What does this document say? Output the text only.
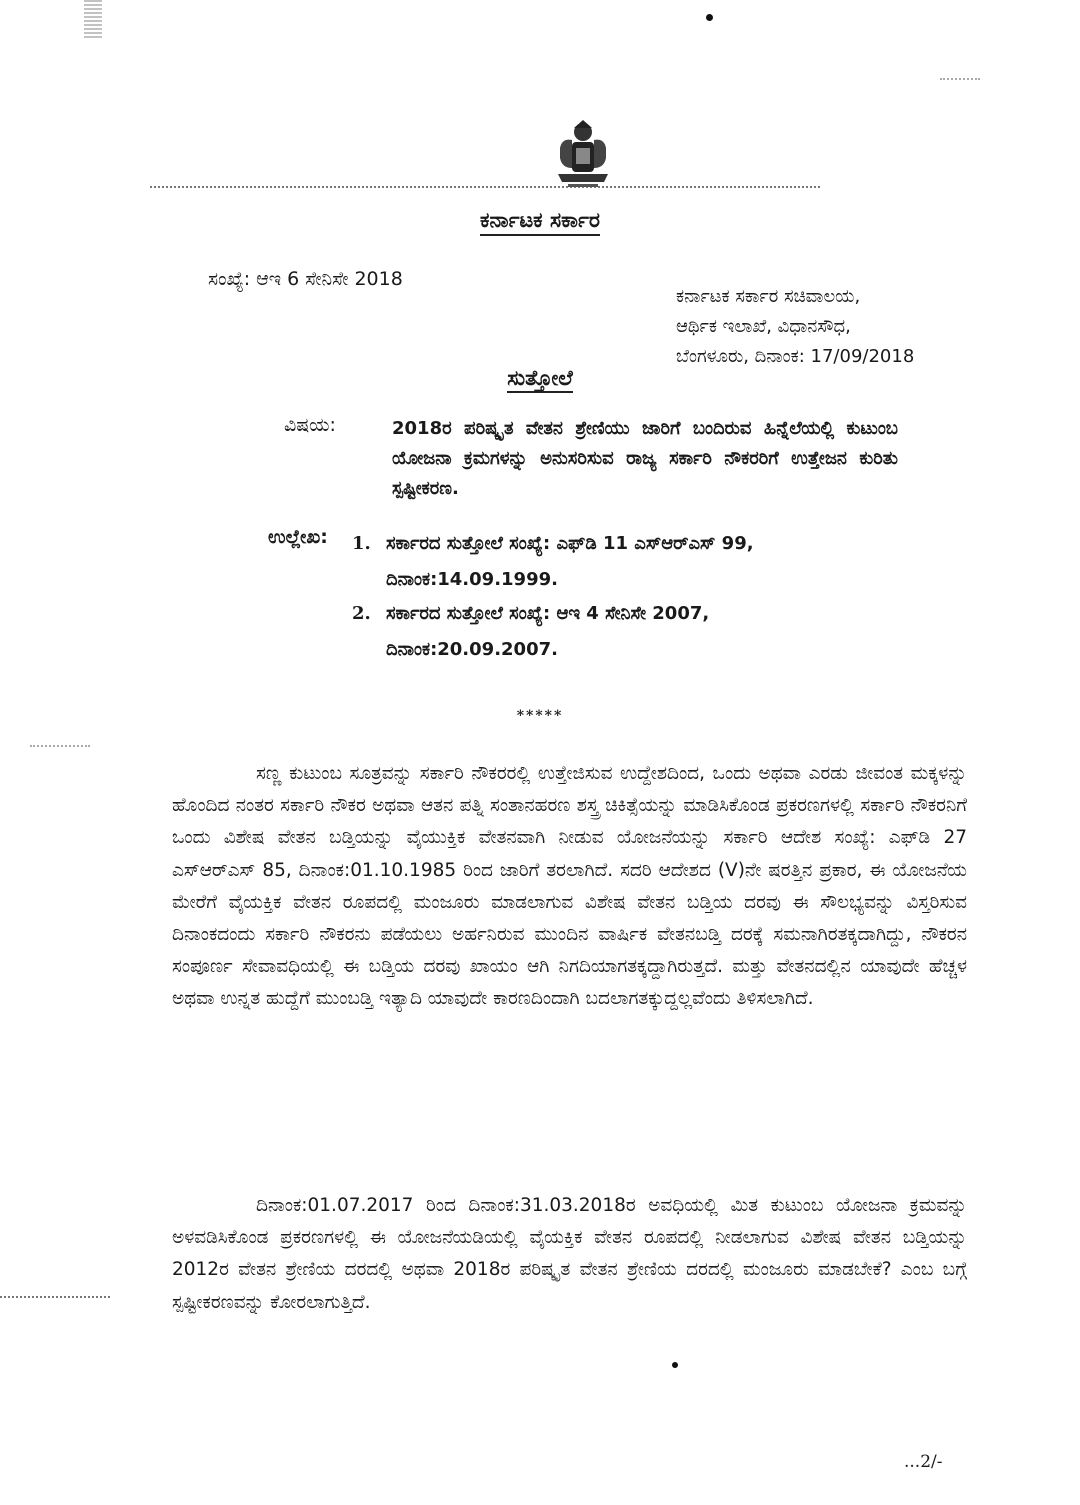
ಕರ್ನಾಟಕ ಸರ್ಕಾರ
ಸಂಖ್ಯೆ: ಆಇ 6 ಸೇನಿಸೇ 2018
ಕರ್ನಾಟಕ ಸರ್ಕಾರ ಸಚಿವಾಲಯ,
ಆರ್ಥಿಕ ಇಲಾಖೆ, ವಿಧಾನಸೌಧ,
ಬೆಂಗಳೂರು, ದಿನಾಂಕ: 17/09/2018
ಸುತ್ತೋಲೆ
ವಿಷಯ:	2018ರ ಪರಿಷ್ಕೃತ ವೇತನ ಶ್ರೇಣಿಯು ಜಾರಿಗೆ ಬಂದಿರುವ ಹಿನ್ನೆಲೆಯಲ್ಲಿ ಕುಟುಂಬ ಯೋಜನಾ ಕ್ರಮಗಳನ್ನು ಅನುಸರಿಸುವ ರಾಜ್ಯ ಸರ್ಕಾರಿ ನೌಕರರಿಗೆ ಉತ್ತೇಜನ ಕುರಿತು ಸ್ಪಷ್ಟೀಕರಣ.
ಉಲ್ಲೇಖ: 1. ಸರ್ಕಾರದ ಸುತ್ತೋಲೆ ಸಂಖ್ಯೆ: ಎಫ್‌ಡಿ 11 ಎಸ್‌ಆರ್‌ಎಸ್ 99,
ದಿನಾಂಕ:14.09.1999.
2. ಸರ್ಕಾರದ ಸುತ್ತೋಲೆ ಸಂಖ್ಯೆ: ಆಇ 4 ಸೇನಿಸೇ 2007,
ದಿನಾಂಕ:20.09.2007.
*****
ಸಣ್ಣ ಕುಟುಂಬ ಸೂತ್ರವನ್ನು ಸರ್ಕಾರಿ ನೌಕರರಲ್ಲಿ ಉತ್ತೇಜಿಸುವ ಉದ್ದೇಶದಿಂದ, ಒಂದು ಅಥವಾ ಎರಡು ಜೀವಂತ ಮಕ್ಕಳನ್ನು ಹೊಂದಿದ ನಂತರ ಸರ್ಕಾರಿ ನೌಕರ ಅಥವಾ ಆತನ ಪತ್ನಿ ಸಂತಾನಹರಣ ಶಸ್ತ್ರ ಚಿಕಿತ್ಸೆಯನ್ನು ಮಾಡಿಸಿಕೊಂಡ ಪ್ರಕರಣಗಳಲ್ಲಿ ಸರ್ಕಾರಿ ನೌಕರನಿಗೆ ಒಂದು ವಿಶೇಷ ವೇತನ ಬಡ್ತಿಯನ್ನು ವೈಯುಕ್ತಿಕ ವೇತನವಾಗಿ ನೀಡುವ ಯೋಜನೆಯನ್ನು ಸರ್ಕಾರಿ ಆದೇಶ ಸಂಖ್ಯೆ: ಎಫ್‌ಡಿ 27 ಎಸ್‌ಆರ್‌ಎಸ್ 85, ದಿನಾಂಕ:01.10.1985 ರಿಂದ ಜಾರಿಗೆ ತರಲಾಗಿದೆ. ಸದರಿ ಆದೇಶದ (V)ನೇ ಷರತ್ತಿನ ಪ್ರಕಾರ, ಈ ಯೋಜನೆಯ ಮೇರೆಗೆ ವೈಯಕ್ತಿಕ ವೇತನ ರೂಪದಲ್ಲಿ ಮಂಜೂರು ಮಾಡಲಾಗುವ ವಿಶೇಷ ವೇತನ ಬಡ್ತಿಯ ದರವು ಈ ಸೌಲಭ್ಯವನ್ನು ವಿಸ್ತರಿಸುವ ದಿನಾಂಕದಂದು ಸರ್ಕಾರಿ ನೌಕರನು ಪಡೆಯಲು ಅರ್ಹನಿರುವ ಮುಂದಿನ ವಾರ್ಷಿಕ ವೇತನಬಡ್ತಿ ದರಕ್ಕೆ ಸಮನಾಗಿರತಕ್ಕದಾಗಿದ್ದು, ನೌಕರನ ಸಂಪೂರ್ಣ ಸೇವಾವಧಿಯಲ್ಲಿ ಈ ಬಡ್ತಿಯ ದರವು ಖಾಯಂ ಆಗಿ ನಿಗದಿಯಾಗತಕ್ಕದ್ದಾಗಿರುತ್ತದೆ. ಮತ್ತು ವೇತನದಲ್ಲಿನ ಯಾವುದೇ ಹೆಚ್ಚಳ ಅಥವಾ ಉನ್ನತ ಹುದ್ದೆಗೆ ಮುಂಬಡ್ತಿ ಇತ್ಯಾದಿ ಯಾವುದೇ ಕಾರಣದಿಂದಾಗಿ ಬದಲಾಗತಕ್ಕುದ್ದಲ್ಲವೆಂದು ತಿಳಿಸಲಾಗಿದೆ.
ದಿನಾಂಕ:01.07.2017 ರಿಂದ ದಿನಾಂಕ:31.03.2018ರ ಅವಧಿಯಲ್ಲಿ ಮಿತ ಕುಟುಂಬ ಯೋಜನಾ ಕ್ರಮವನ್ನು ಅಳವಡಿಸಿಕೊಂಡ ಪ್ರಕರಣಗಳಲ್ಲಿ ಈ ಯೋಜನೆಯಡಿಯಲ್ಲಿ ವೈಯಕ್ತಿಕ ವೇತನ ರೂಪದಲ್ಲಿ ನೀಡಲಾಗುವ ವಿಶೇಷ ವೇತನ ಬಡ್ತಿಯನ್ನು 2012ರ ವೇತನ ಶ್ರೇಣಿಯ ದರದಲ್ಲಿ ಅಥವಾ 2018ರ ಪರಿಷ್ಕೃತ ವೇತನ ಶ್ರೇಣಿಯ ದರದಲ್ಲಿ ಮಂಜೂರು ಮಾಡಬೇಕೆ? ಎಂಬ ಬಗ್ಗೆ ಸ್ಪಷ್ಟೀಕರಣವನ್ನು ಕೋರಲಾಗುತ್ತಿದೆ.
...2/-
